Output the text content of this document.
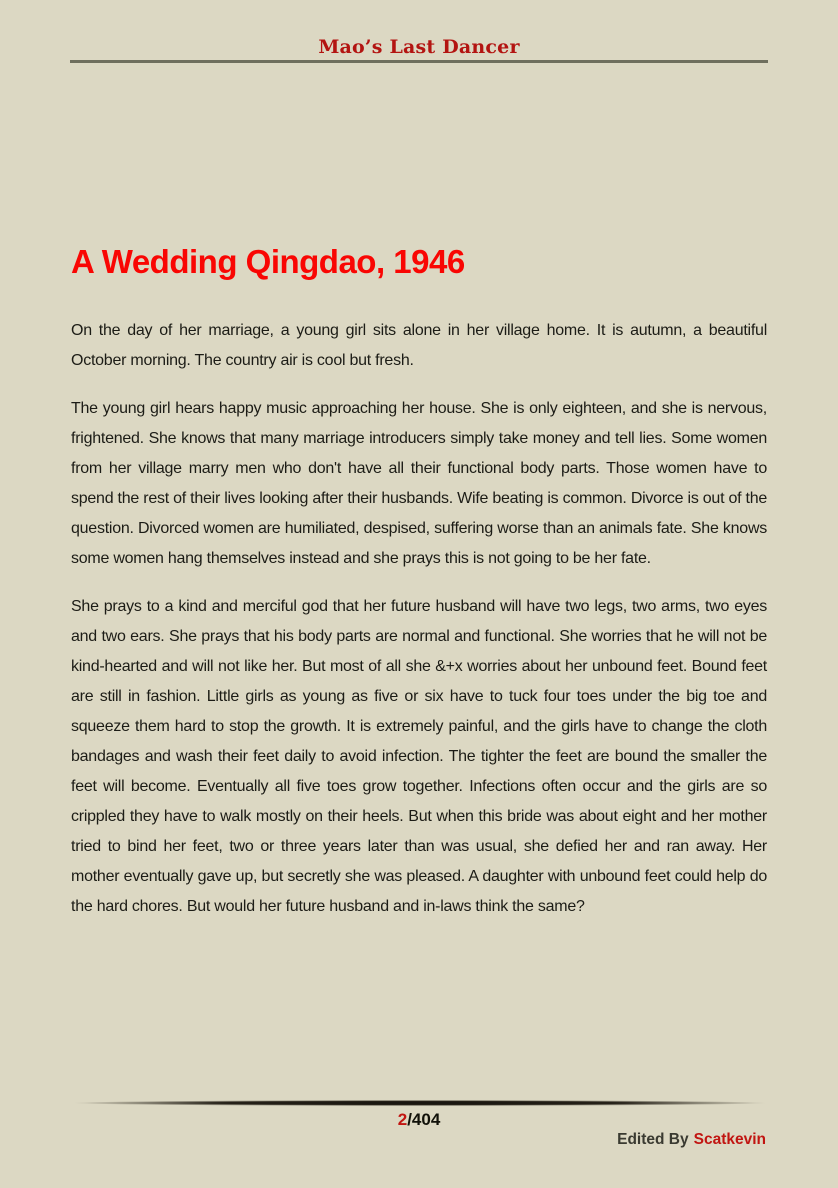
Mao’s Last Dancer
A Wedding Qingdao, 1946

On the day of her marriage, a young girl sits alone in her village home. It is autumn, a beautiful October morning. The country air is cool but fresh.

The young girl hears happy music approaching her house. She is only eighteen, and she is nervous, frightened. She knows that many marriage introducers simply take money and tell lies. Some women from her village marry men who don't have all their functional body parts. Those women have to spend the rest of their lives looking after their husbands. Wife beating is common. Divorce is out of the question. Divorced women are humiliated, despised, suffering worse than an animals fate. She knows some women hang themselves instead and she prays this is not going to be her fate.

She prays to a kind and merciful god that her future husband will have two legs, two arms, two eyes and two ears. She prays that his body parts are normal and functional. She worries that he will not be kind-hearted and will not like her. But most of all she &+x worries about her unbound feet. Bound feet are still in fashion. Little girls as young as five or six have to tuck four toes under the big toe and squeeze them hard to stop the growth. It is extremely painful, and the girls have to change the cloth bandages and wash their feet daily to avoid infection. The tighter the feet are bound the smaller the feet will become. Eventually all five toes grow together. Infections often occur and the girls are so crippled they have to walk mostly on their heels. But when this bride was about eight and her mother tried to bind her feet, two or three years later than was usual, she defied her and ran away. Her mother eventually gave up, but secretly she was pleased. A daughter with unbound feet could help do the hard chores. But would her future husband and in-laws think the same?

2/404
Edited By Scatkevin
